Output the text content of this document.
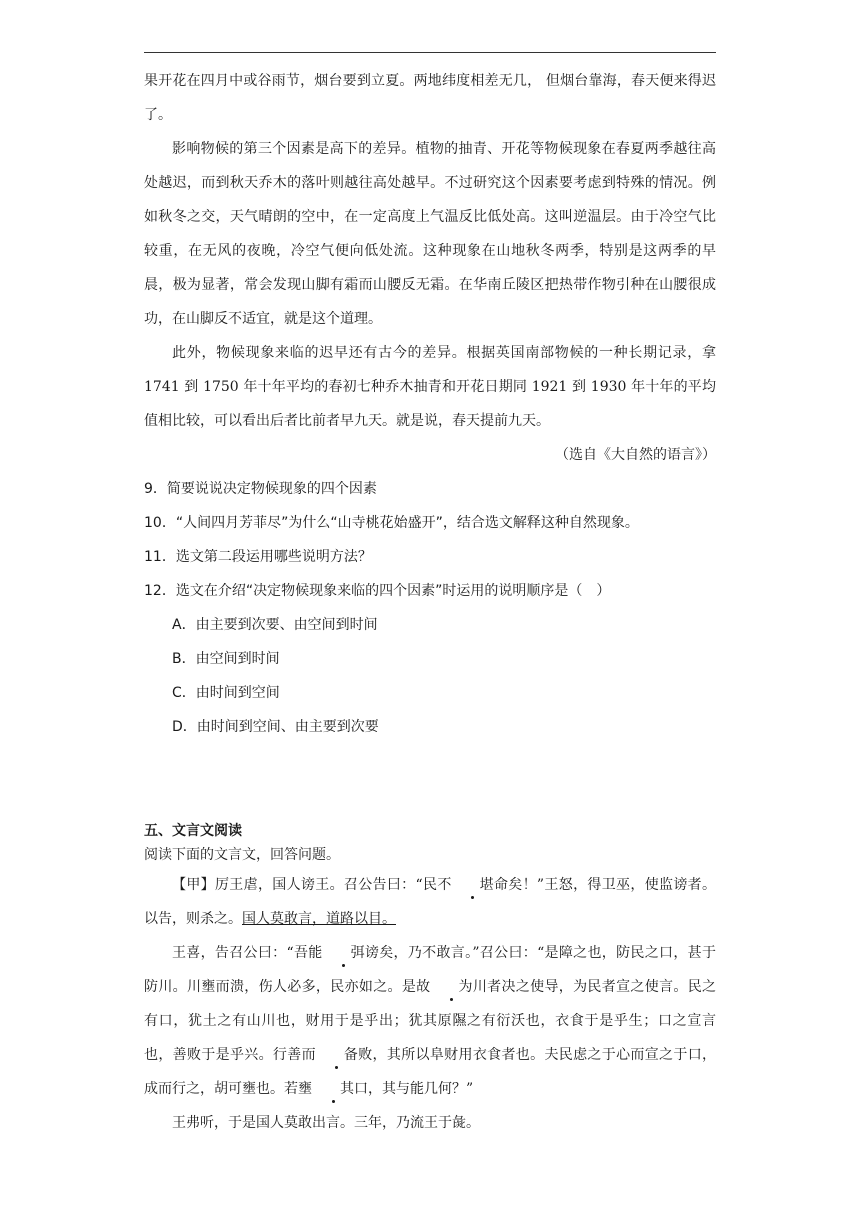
果开花在四月中或谷雨节，烟台要到立夏。两地纬度相差无几， 但烟台靠海，春天便来得迟了。

影响物候的第三个因素是高下的差异。植物的抽青、开花等物候现象在春夏两季越往高处越迟，而到秋天乔木的落叶则越往高处越早。不过研究这个因素要考虑到特殊的情况。例如秋冬之交，天气晴朗的空中，在一定高度上气温反比低处高。这叫逆温层。由于冷空气比较重，在无风的夜晚，冷空气便向低处流。这种现象在山地秋冬两季，特别是这两季的早晨，极为显著，常会发现山脚有霜而山腰反无霜。在华南丘陵区把热带作物引种在山腰很成功，在山脚反不适宜，就是这个道理。

此外，物候现象来临的迟早还有古今的差异。根据英国南部物候的一种长期记录，拿 1741 到 1750 年十年平均的春初七种乔木抽青和开花日期同 1921 到 1930 年十年的平均值相比较，可以看出后者比前者早九天。就是说，春天提前九天。

（选自《大自然的语言》）

9．简要说说决定物候现象的四个因素

10．“人间四月芳菲尽”为什么“山寺桃花始盛开”，结合选文解释这种自然现象。

11．选文第二段运用哪些说明方法？

12．选文在介绍“决定物候现象来临的四个因素”时运用的说明顺序是（　）

A．由主要到次要、由空间到时间

B．由空间到时间

C．由时间到空间

D．由时间到空间、由主要到次要

五、文言文阅读

阅读下面的文言文，回答问题。

【甲】厉王虐，国人谤王。召公告曰：“民不 堪命矣！”王怒，得卫巫，使监谤者。以告，则杀之。国人莫敢言，道路以目。

王喜，告召公曰：“吾能 弭谤矣，乃不敢言。”召公曰：“是障之也，防民之口，甚于防川。川壅而溃，伤人必多，民亦如之。是故 为川者决之使导，为民者宣之使言。民之有口，犹土之有山川也，财用于是乎出；犹其原隰之有衍沃也，衣食于是乎生；口之宣言也，善败于是乎兴。行善而 备败，其所以阜财用衣食者也。夫民虑之于心而宣之于口，成而行之，胡可壅也。若壅 其口，其与能几何？”

王弗听，于是国人莫敢出言。三年，乃流王于彘。
